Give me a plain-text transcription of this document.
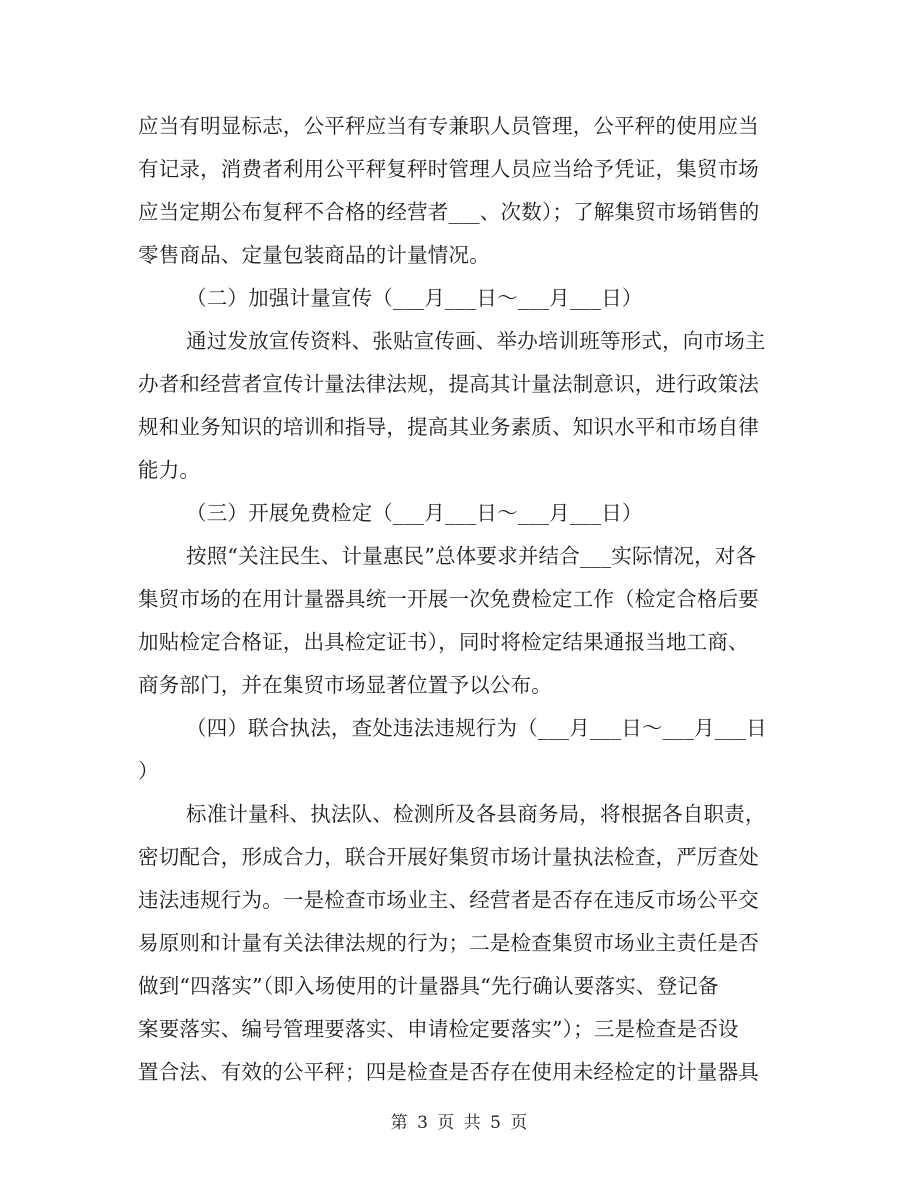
应当有明显标志，公平秤应当有专兼职人员管理，公平秤的使用应当
有记录，消费者利用公平秤复秤时管理人员应当给予凭证，集贸市场
应当定期公布复秤不合格的经营者___、次数）；了解集贸市场销售的
零售商品、定量包装商品的计量情况。
（二）加强计量宣传（___月___日～___月___日）
通过发放宣传资料、张贴宣传画、举办培训班等形式，向市场主
办者和经营者宣传计量法律法规，提高其计量法制意识，进行政策法
规和业务知识的培训和指导，提高其业务素质、知识水平和市场自律
能力。
（三）开展免费检定（___月___日～___月___日）
按照“关注民生、计量惠民”总体要求并结合___实际情况，对各
集贸市场的在用计量器具统一开展一次免费检定工作（检定合格后要
加贴检定合格证，出具检定证书），同时将检定结果通报当地工商、
商务部门，并在集贸市场显著位置予以公布。
（四）联合执法，查处违法违规行为（___月___日～___月___日
）
标准计量科、执法队、检测所及各县商务局，将根据各自职责，
密切配合，形成合力，联合开展好集贸市场计量执法检查，严厉查处
违法违规行为。一是检查市场业主、经营者是否存在违反市场公平交
易原则和计量有关法律法规的行为；二是检查集贸市场业主责任是否
做到“四落实”（即入场使用的计量器具“先行确认要落实、登记备
案要落实、编号管理要落实、申请检定要落实”）；三是检查是否设
置合法、有效的公平秤；四是检查是否存在使用未经检定的计量器具
第 3 页 共 5 页
